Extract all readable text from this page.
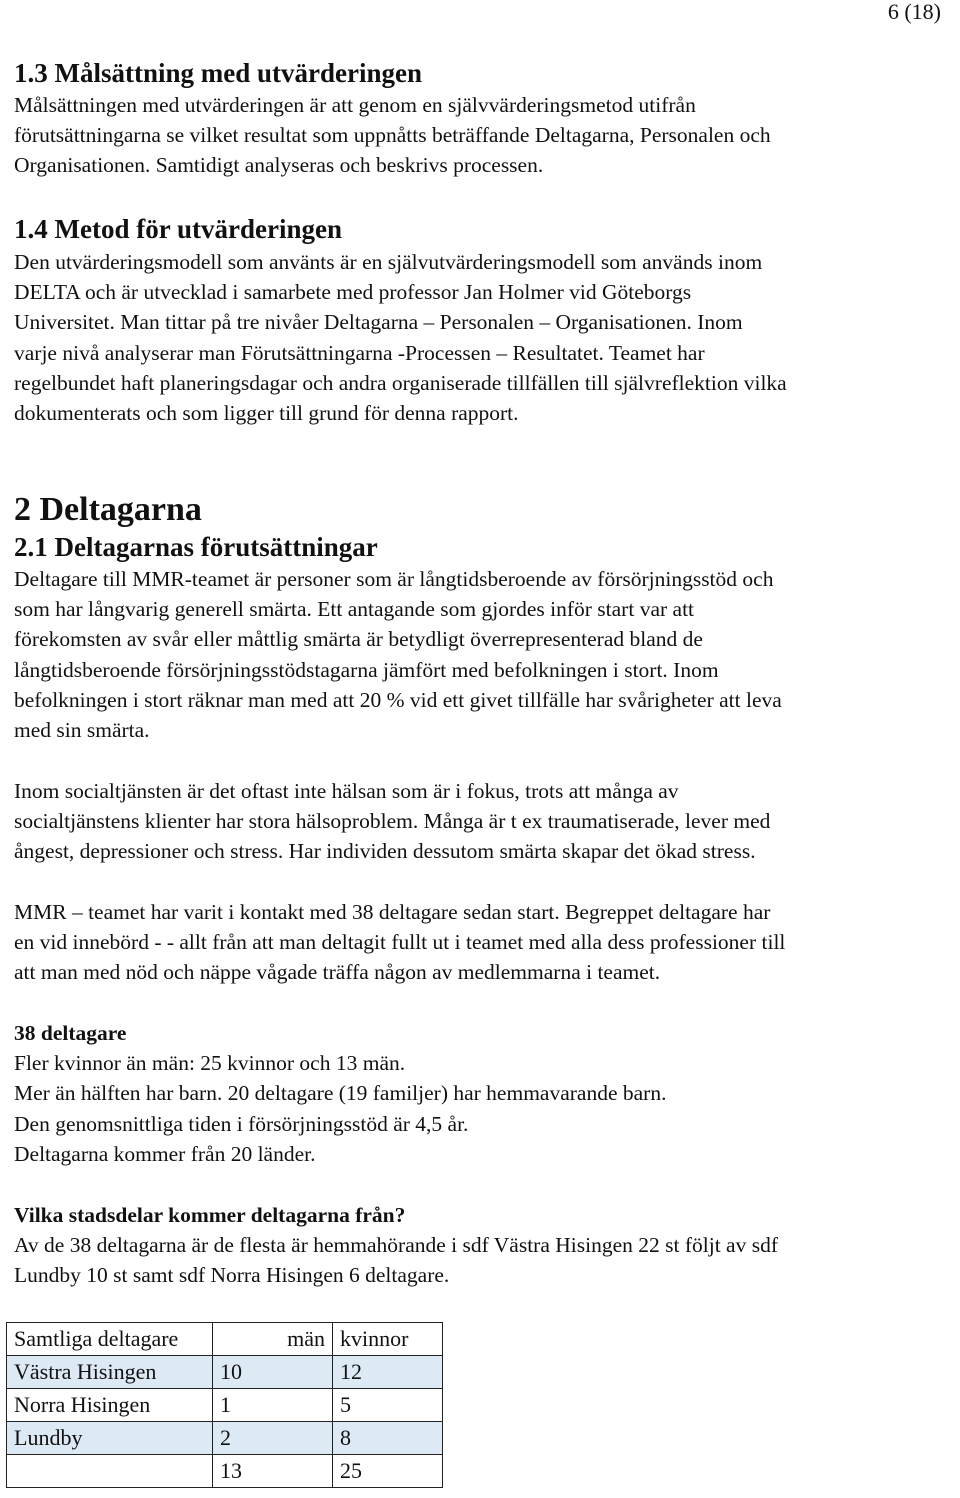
6 (18)
1.3 Målsättning med utvärderingen
Målsättningen med utvärderingen är att genom en självvärderingsmetod utifrån
förutsättningarna se vilket resultat som uppnåtts beträffande Deltagarna, Personalen och
Organisationen. Samtidigt analyseras och beskrivs processen.
1.4 Metod för utvärderingen
Den utvärderingsmodell som använts är en självutvärderingsmodell som används inom
DELTA och är utvecklad i samarbete med professor Jan Holmer vid Göteborgs
Universitet. Man tittar på tre nivåer Deltagarna – Personalen – Organisationen. Inom
varje nivå analyserar man Förutsättningarna -Processen – Resultatet. Teamet har
regelbundet haft planeringsdagar och andra organiserade tillfällen till självreflektion vilka
dokumenterats och som ligger till grund för denna rapport.
2 Deltagarna
2.1 Deltagarnas förutsättningar
Deltagare till MMR-teamet är personer som är långtidsberoende av försörjningsstöd och
som har långvarig generell smärta. Ett antagande som gjordes inför start var att
förekomsten av svår eller måttlig smärta är betydligt överrepresenterad bland de
långtidsberoende försörjningsstödstagarna jämfört med befolkningen i stort. Inom
befolkningen i stort räknar man med att 20 % vid ett givet tillfälle har svårigheter att leva
med sin smärta.
Inom socialtjänsten är det oftast inte hälsan som är i fokus, trots att många av
socialtjänstens klienter har stora hälsoproblem. Många är t ex traumatiserade, lever med
ångest, depressioner och stress. Har individen dessutom smärta skapar det ökad stress.
MMR – teamet har varit i kontakt med 38 deltagare sedan start. Begreppet deltagare har
en vid innebörd - - allt från att man deltagit fullt ut i teamet med alla dess professioner till
att man med nöd och näppe vågade träffa någon av medlemmarna i teamet.
38 deltagare
Fler kvinnor än män: 25 kvinnor och 13 män.
Mer än hälften har barn. 20 deltagare (19 familjer) har hemmavarande barn.
Den genomsnittliga tiden i försörjningsstöd är 4,5 år.
Deltagarna kommer från 20 länder.
Vilka stadsdelar kommer deltagarna från?
Av de 38 deltagarna är de flesta är hemmahörande i sdf Västra Hisingen 22 st följt av sdf
Lundby 10 st samt sdf Norra Hisingen 6 deltagare.
Samtliga deltagare	män	kvinnor
Västra Hisingen	10	12
Norra Hisingen	1	5
Lundby	2	8
	13	25
